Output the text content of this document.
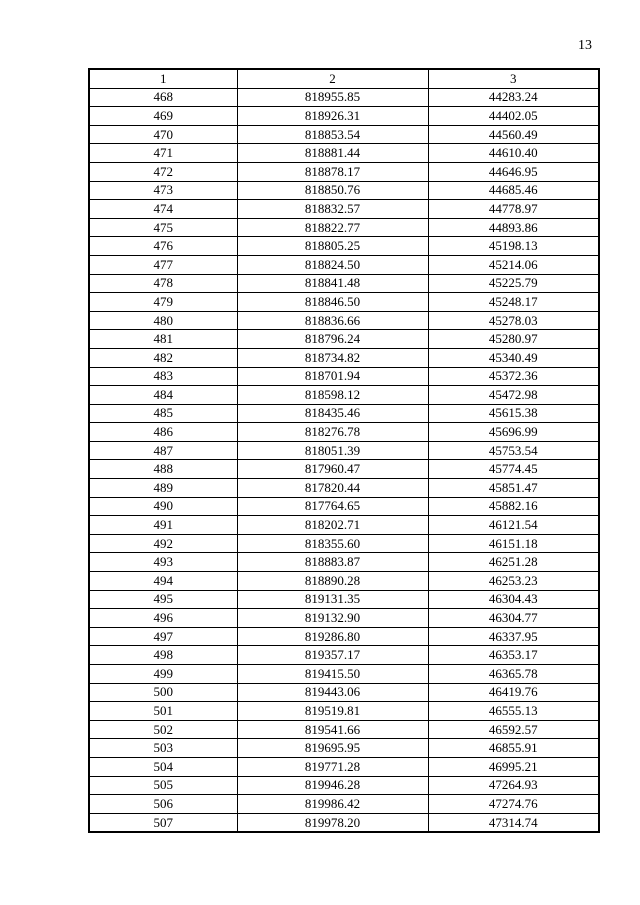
13
1	2	3
468	818955.85	44283.24
469	818926.31	44402.05
470	818853.54	44560.49
471	818881.44	44610.40
472	818878.17	44646.95
473	818850.76	44685.46
474	818832.57	44778.97
475	818822.77	44893.86
476	818805.25	45198.13
477	818824.50	45214.06
478	818841.48	45225.79
479	818846.50	45248.17
480	818836.66	45278.03
481	818796.24	45280.97
482	818734.82	45340.49
483	818701.94	45372.36
484	818598.12	45472.98
485	818435.46	45615.38
486	818276.78	45696.99
487	818051.39	45753.54
488	817960.47	45774.45
489	817820.44	45851.47
490	817764.65	45882.16
491	818202.71	46121.54
492	818355.60	46151.18
493	818883.87	46251.28
494	818890.28	46253.23
495	819131.35	46304.43
496	819132.90	46304.77
497	819286.80	46337.95
498	819357.17	46353.17
499	819415.50	46365.78
500	819443.06	46419.76
501	819519.81	46555.13
502	819541.66	46592.57
503	819695.95	46855.91
504	819771.28	46995.21
505	819946.28	47264.93
506	819986.42	47274.76
507	819978.20	47314.74
